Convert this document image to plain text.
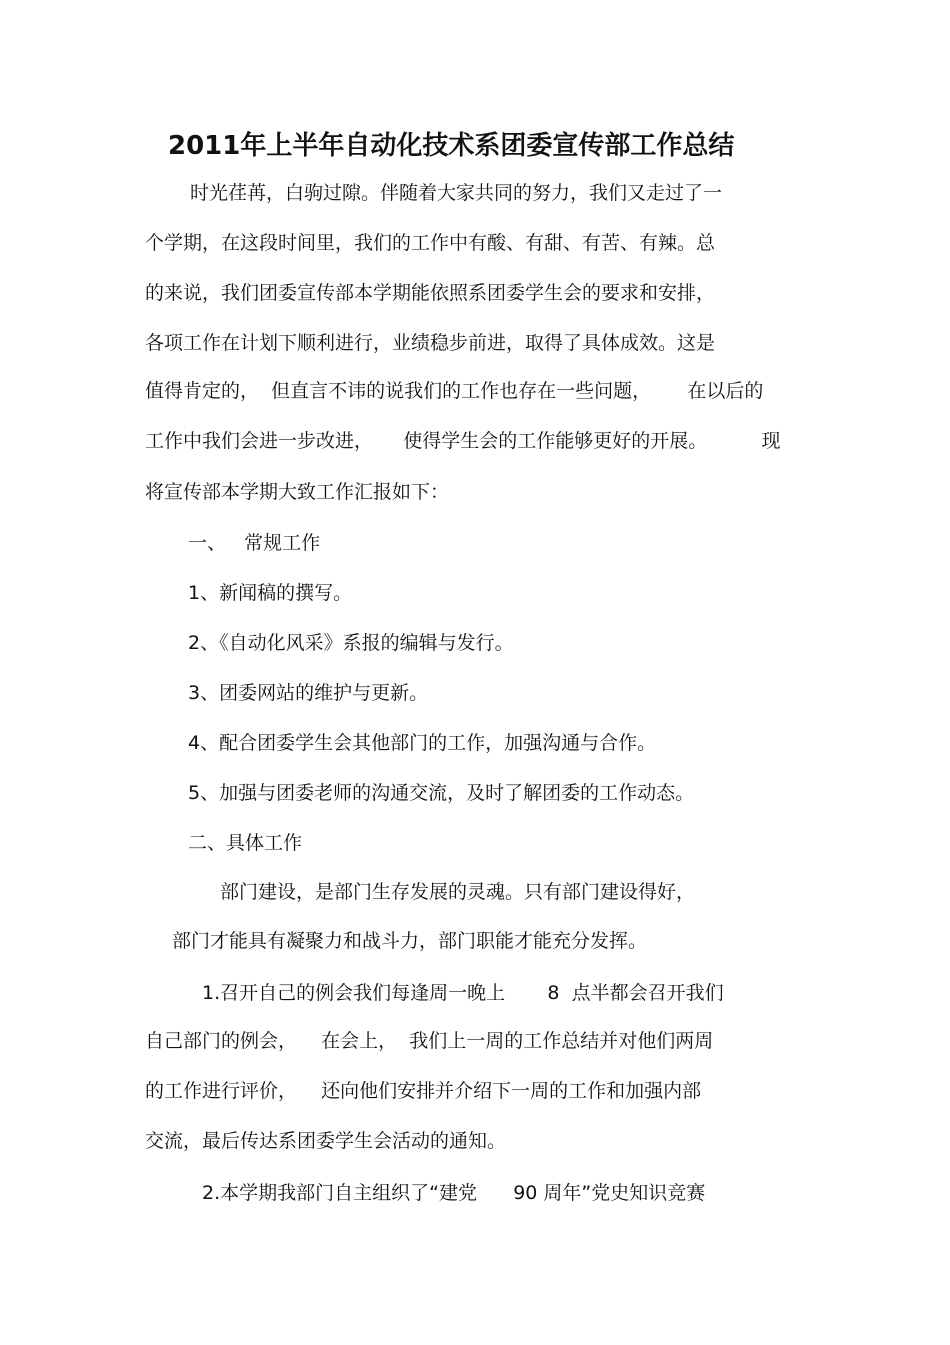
2011年上半年自动化技术系团委宣传部工作总结
时光荏苒，白驹过隙。伴随着大家共同的努力，我们又走过了一
个学期，在这段时间里，我们的工作中有酸、有甜、有苦、有辣。总
的来说，我们团委宣传部本学期能依照系团委学生会的要求和安排，
各项工作在计划下顺利进行，业绩稳步前进，取得了具体成效。这是
值得肯定的，  但直言不讳的说我们的工作也存在一些问题，      在以后的
工作中我们会进一步改进，     使得学生会的工作能够更好的开展。         现
将宣传部本学期大致工作汇报如下：
一、   常规工作
1、新闻稿的撰写。
2、《自动化风采》系报的编辑与发行。
3、团委网站的维护与更新。
4、配合团委学生会其他部门的工作，加强沟通与合作。
5、加强与团委老师的沟通交流，及时了解团委的工作动态。
二、具体工作
部门建设，是部门生存发展的灵魂。只有部门建设得好，
部门才能具有凝聚力和战斗力，部门职能才能充分发挥。
1.召开自己的例会我们每逢周一晚上       8  点半都会召开我们
自己部门的例会，    在会上，  我们上一周的工作总结并对他们两周
的工作进行评价，    还向他们安排并介绍下一周的工作和加强内部
交流，最后传达系团委学生会活动的通知。
2.本学期我部门自主组织了“建党      90 周年”党史知识竞赛
